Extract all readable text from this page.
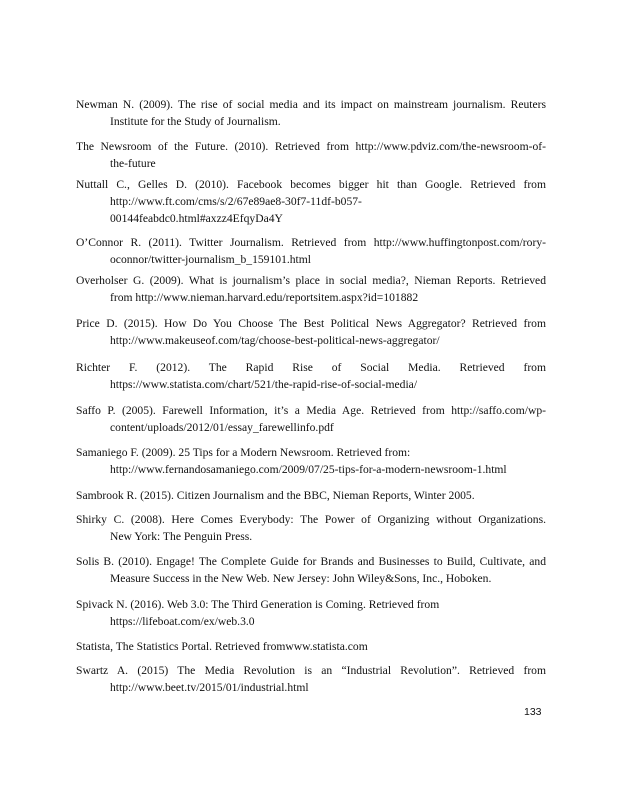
Newman N. (2009). The rise of social media and its impact on mainstream journalism. Reuters
Institute for the Study of Journalism.
The Newsroom of the Future. (2010). Retrieved from http://www.pdviz.com/the-newsroom-of-
the-future
Nuttall C., Gelles D. (2010). Facebook becomes bigger hit than Google. Retrieved from
http://www.ft.com/cms/s/2/67e89ae8-30f7-11df-b057-
00144feabdc0.html#axzz4EfqyDa4Y
O’Connor R. (2011). Twitter Journalism. Retrieved from http://www.huffingtonpost.com/rory-
oconnor/twitter-journalism_b_159101.html
Overholser G. (2009). What is journalism’s place in social media?, Nieman Reports. Retrieved
from http://www.nieman.harvard.edu/reportsitem.aspx?id=101882
Price D. (2015). How Do You Choose The Best Political News Aggregator? Retrieved from
http://www.makeuseof.com/tag/choose-best-political-news-aggregator/
Richter F. (2012). The Rapid Rise of Social Media. Retrieved from
https://www.statista.com/chart/521/the-rapid-rise-of-social-media/
Saffo P. (2005). Farewell Information, it’s a Media Age. Retrieved from http://saffo.com/wp-
content/uploads/2012/01/essay_farewellinfo.pdf
Samaniego F. (2009). 25 Tips for a Modern Newsroom. Retrieved from:
http://www.fernandosamaniego.com/2009/07/25-tips-for-a-modern-newsroom-1.html
Sambrook R. (2015). Citizen Journalism and the BBC, Nieman Reports, Winter 2005.
Shirky C. (2008). Here Comes Everybody: The Power of Organizing without Organizations.
New York: The Penguin Press.
Solis B. (2010). Engage! The Complete Guide for Brands and Businesses to Build, Cultivate, and
Measure Success in the New Web. New Jersey: John Wiley&Sons, Inc., Hoboken.
Spivack N. (2016). Web 3.0: The Third Generation is Coming. Retrieved from
https://lifeboat.com/ex/web.3.0
Statista, The Statistics Portal. Retrieved fromwww.statista.com
Swartz A. (2015) The Media Revolution is an “Industrial Revolution”. Retrieved from
http://www.beet.tv/2015/01/industrial.html
133
